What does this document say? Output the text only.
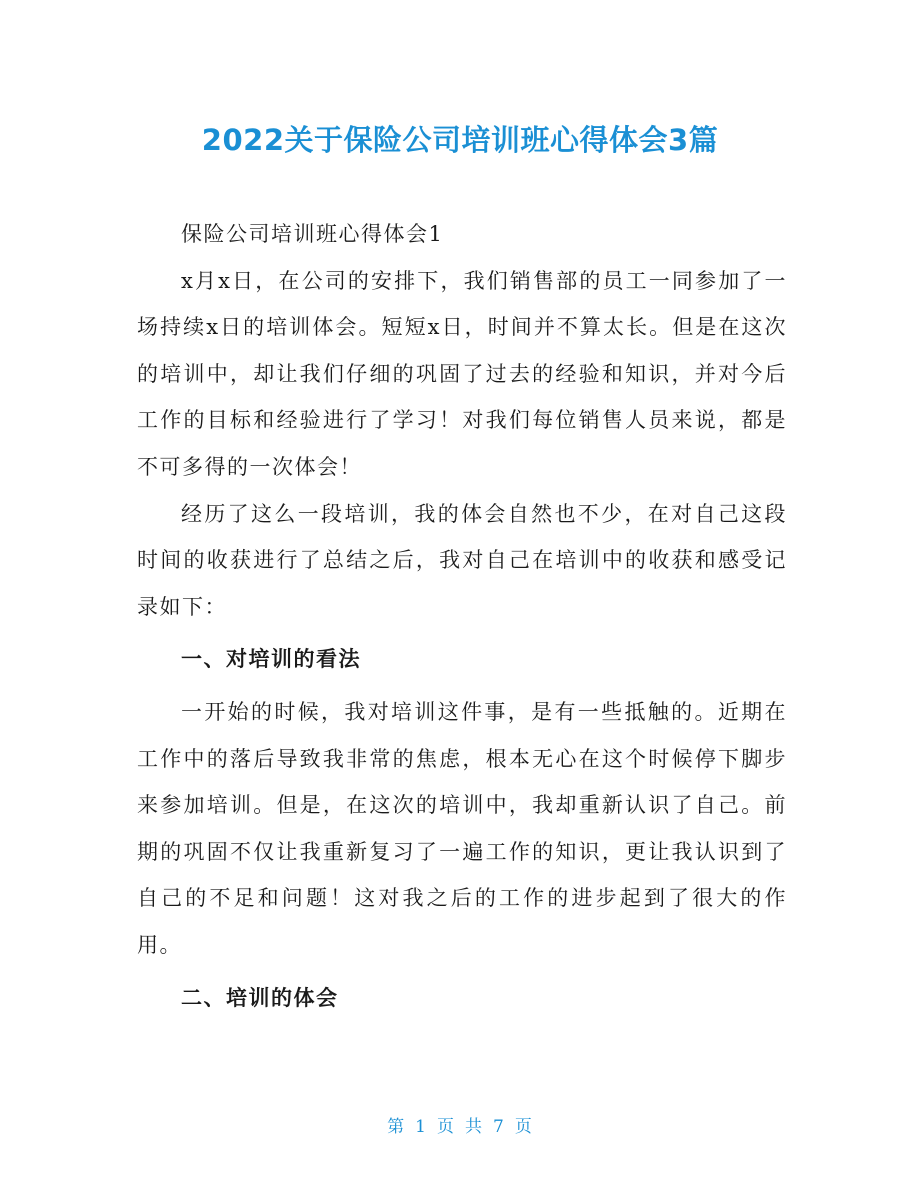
2022关于保险公司培训班心得体会3篇

保险公司培训班心得体会1

x月x日，在公司的安排下，我们销售部的员工一同参加了一场持续x日的培训体会。短短x日，时间并不算太长。但是在这次的培训中，却让我们仔细的巩固了过去的经验和知识，并对今后工作的目标和经验进行了学习！对我们每位销售人员来说，都是不可多得的一次体会！

经历了这么一段培训，我的体会自然也不少，在对自己这段时间的收获进行了总结之后，我对自己在培训中的收获和感受记录如下：

一、对培训的看法

一开始的时候，我对培训这件事，是有一些抵触的。近期在工作中的落后导致我非常的焦虑，根本无心在这个时候停下脚步来参加培训。但是，在这次的培训中，我却重新认识了自己。前期的巩固不仅让我重新复习了一遍工作的知识，更让我认识到了自己的不足和问题！这对我之后的工作的进步起到了很大的作用。

二、培训的体会

第 1 页 共 7 页
